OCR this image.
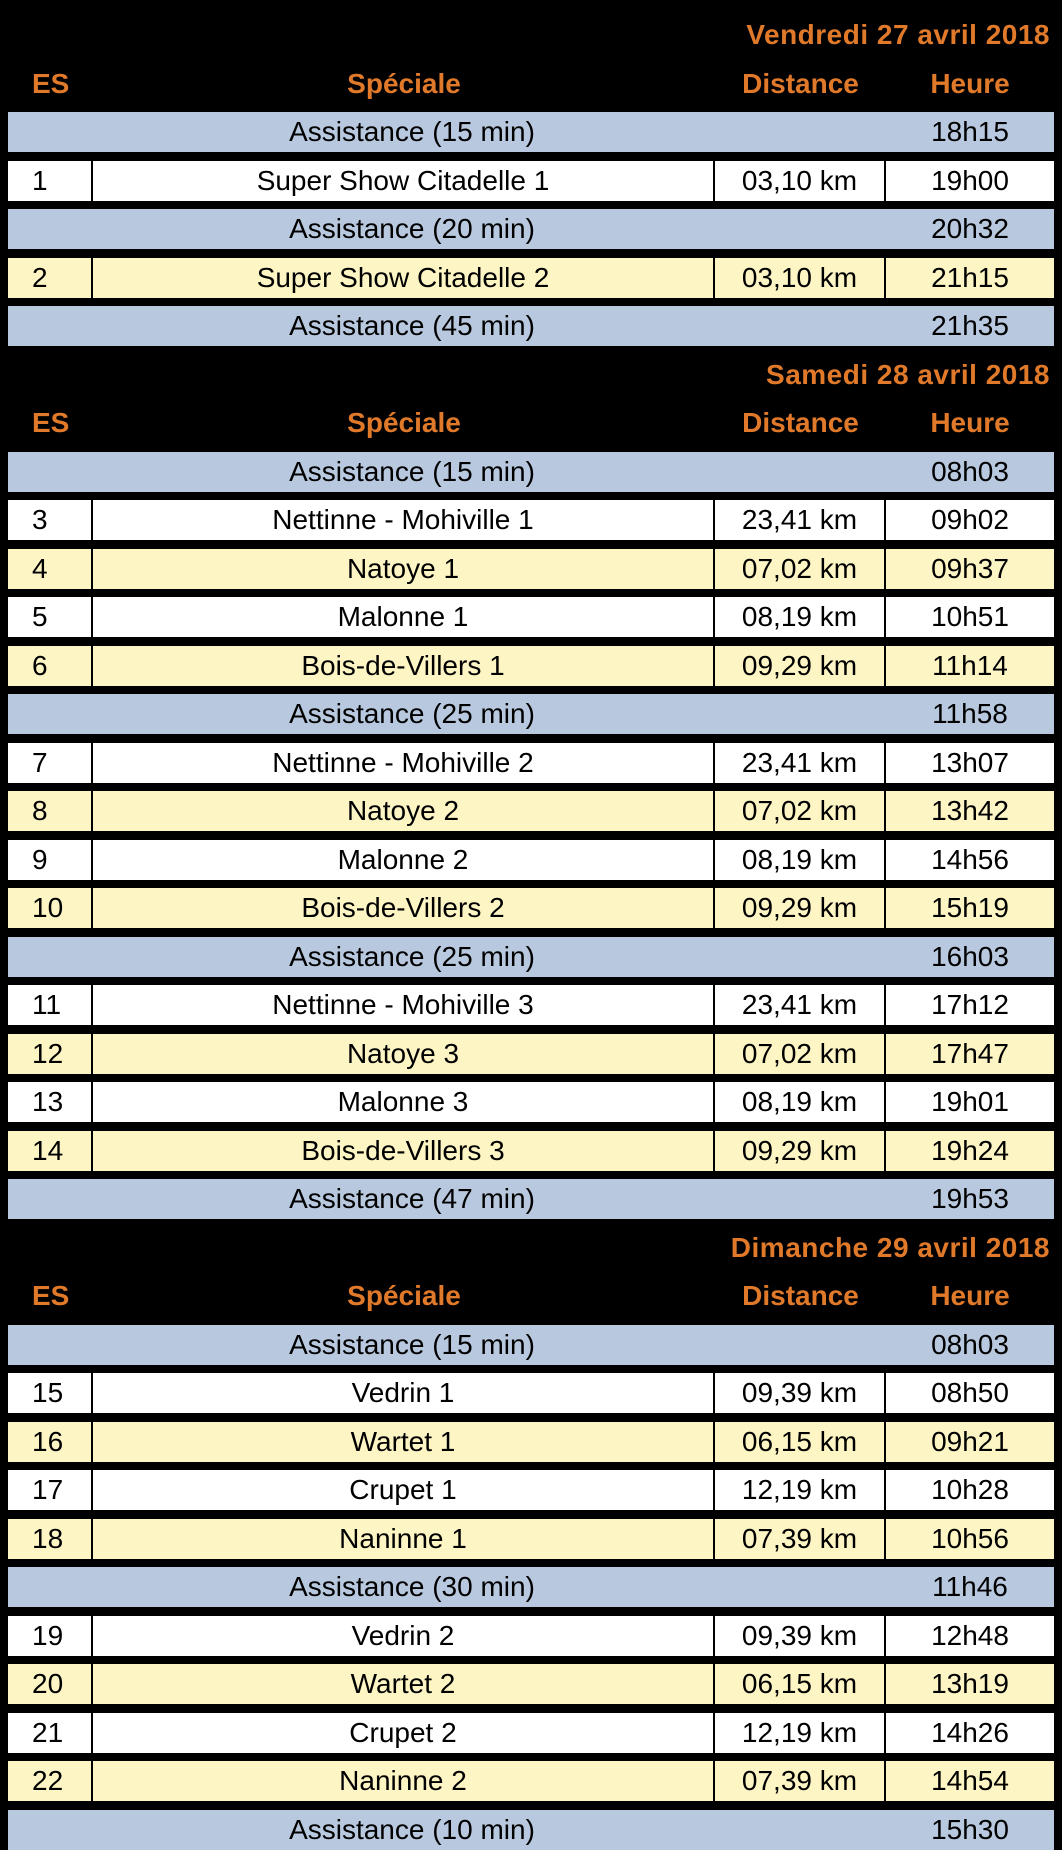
Vendredi 27 avril 2018
ES	Spéciale	Distance	Heure
Assistance (15 min)	18h15
1	Super Show Citadelle 1	03,10 km	19h00
Assistance (20 min)	20h32
2	Super Show Citadelle 2	03,10 km	21h15
Assistance (45 min)	21h35
Samedi 28 avril 2018
ES	Spéciale	Distance	Heure
Assistance (15 min)	08h03
3	Nettinne - Mohiville 1	23,41 km	09h02
4	Natoye 1	07,02 km	09h37
5	Malonne 1	08,19 km	10h51
6	Bois-de-Villers 1	09,29 km	11h14
Assistance (25 min)	11h58
7	Nettinne - Mohiville 2	23,41 km	13h07
8	Natoye 2	07,02 km	13h42
9	Malonne 2	08,19 km	14h56
10	Bois-de-Villers 2	09,29 km	15h19
Assistance (25 min)	16h03
11	Nettinne - Mohiville 3	23,41 km	17h12
12	Natoye 3	07,02 km	17h47
13	Malonne 3	08,19 km	19h01
14	Bois-de-Villers 3	09,29 km	19h24
Assistance (47 min)	19h53
Dimanche 29 avril 2018
ES	Spéciale	Distance	Heure
Assistance (15 min)	08h03
15	Vedrin 1	09,39 km	08h50
16	Wartet 1	06,15 km	09h21
17	Crupet 1	12,19 km	10h28
18	Naninne 1	07,39 km	10h56
Assistance (30 min)	11h46
19	Vedrin 2	09,39 km	12h48
20	Wartet 2	06,15 km	13h19
21	Crupet 2	12,19 km	14h26
22	Naninne 2	07,39 km	14h54
Assistance (10 min)	15h30
